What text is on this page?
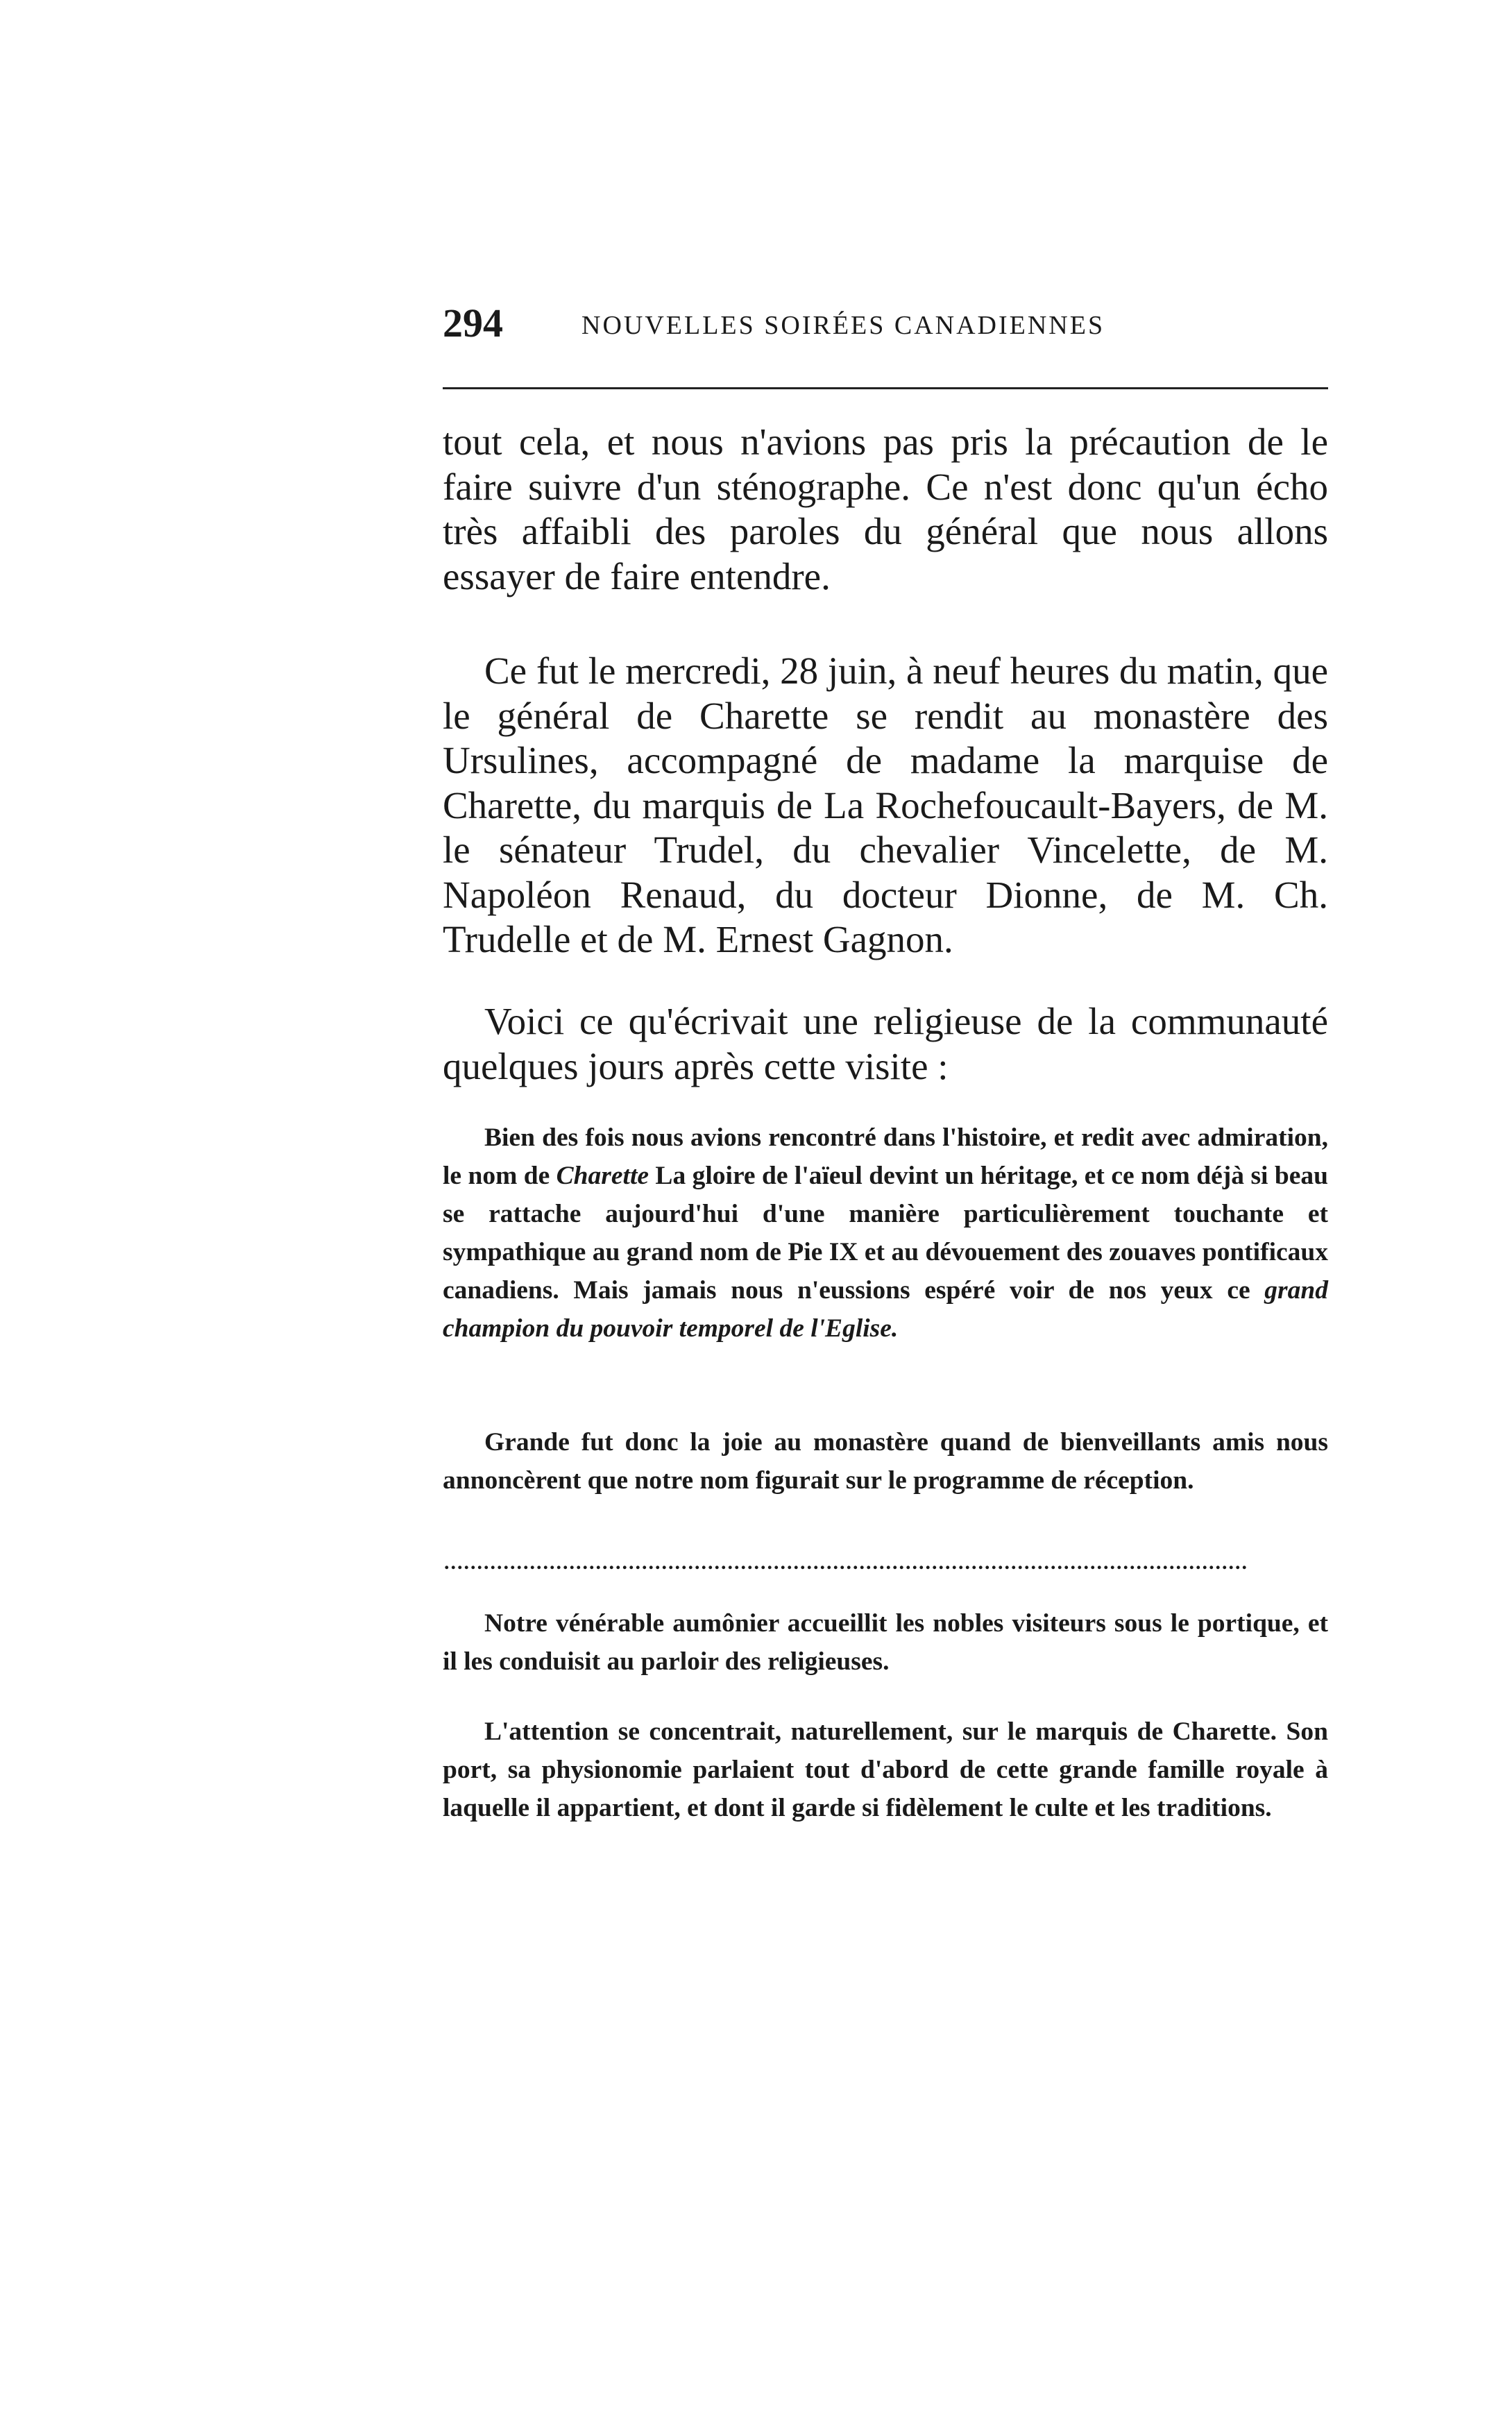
294	NOUVELLES SOIRÉES CANADIENNES

tout cela, et nous n'avions pas pris la précaution de le faire suivre d'un sténographe. Ce n'est donc qu'un écho très affaibli des paroles du général que nous allons essayer de faire entendre.

Ce fut le mercredi, 28 juin, à neuf heures du matin, que le général de Charette se rendit au monastère des Ursulines, accompagné de madame la marquise de Charette, du marquis de La Rochefoucault-Bayers, de M. le sénateur Trudel, du chevalier Vincelette, de M. Napoléon Renaud, du docteur Dionne, de M. Ch. Trudelle et de M. Ernest Gagnon.

Voici ce qu'écrivait une religieuse de la communauté quelques jours après cette visite :

Bien des fois nous avions rencontré dans l'histoire, et redit avec admiration, le nom de Charette La gloire de l'aïeul devint un héritage, et ce nom déjà si beau se rattache aujourd'hui d'une manière particulièrement touchante et sympathique au grand nom de Pie IX et au dévouement des zouaves pontificaux canadiens. Mais jamais nous n'eussions espéré voir de nos yeux ce grand champion du pouvoir temporel de l'Eglise.

Grande fut donc la joie au monastère quand de bienveillants amis nous annoncèrent que notre nom figurait sur le programme de réception.

..........................................................................................................................

Notre vénérable aumônier accueillit les nobles visiteurs sous le portique, et il les conduisit au parloir des religieuses.

L'attention se concentrait, naturellement, sur le marquis de Charette. Son port, sa physionomie parlaient tout d'abord de cette grande famille royale à laquelle il appartient, et dont il garde si fidèlement le culte et les traditions.
